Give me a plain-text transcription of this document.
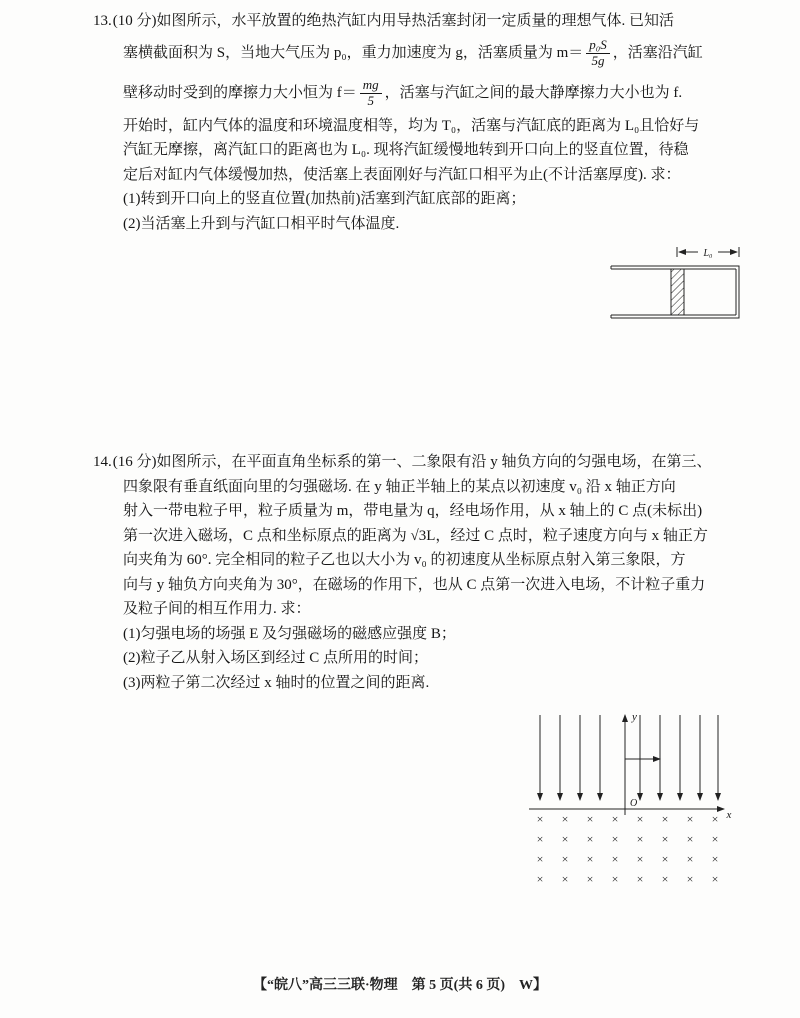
13.(10 分)如图所示，水平放置的绝热汽缸内用导热活塞封闭一定质量的理想气体. 已知活
塞横截面积为 S，当地大气压为 p₀，重力加速度为 g，活塞质量为 $m= \frac{\text{p₀S}}{5g}$ ，活塞沿汽缸
壁移动时受到的摩擦力大小恒为 $f= \frac{mg}{5}$ ，活塞与汽缸之间的最大静摩擦力大小也为 f.
开始时，缸内气体的温度和环境温度相等，均为 T₀，活塞与汽缸底的距离为 L₀且恰好与
汽缸无摩擦，离汽缸口的距离也为 L₀. 现将汽缸缓慢地转到开口向上的竖直位置，待稳
定后对缸内气体缓慢加热，使活塞上表面刚好与汽缸口相平为止(不计活塞厚度). 求：
(1)转到开口向上的竖直位置(加热前)活塞到汽缸底部的距离；
(2)当活塞上升到与汽缸口相平时气体温度.
L₀
14.(16 分)如图所示，在平面直角坐标系的第一、二象限有沿 y 轴负方向的匀强电场，在第三、
四象限有垂直纸面向里的匀强磁场. 在 y 轴正半轴上的某点以初速度 v₀ 沿 x 轴正方向
射入一带电粒子甲，粒子质量为 m，带电量为 q，经电场作用，从 x 轴上的 C 点(未标出)
第一次进入磁场，C 点和坐标原点的距离为 √3L，经过 C 点时，粒子速度方向与 x 轴正方
向夹角为 60°. 完全相同的粒子乙也以大小为 v₀ 的初速度从坐标原点射入第三象限，方
向与 y 轴负方向夹角为 30°，在磁场的作用下，也从 C 点第一次进入电场，不计粒子重力
及粒子间的相互作用力. 求：
(1)匀强电场的场强 E 及匀强磁场的磁感应强度 B；
(2)粒子乙从射入场区到经过 C 点所用的时间；
(3)两粒子第二次经过 x 轴时的位置之间的距离.
y
x
O
× × × × × × × ×
× × × × × × × ×
× × × × × × × ×
× × × × × × × ×
【“皖八”高三三联·物理　第 5 页(共 6 页)　W】
